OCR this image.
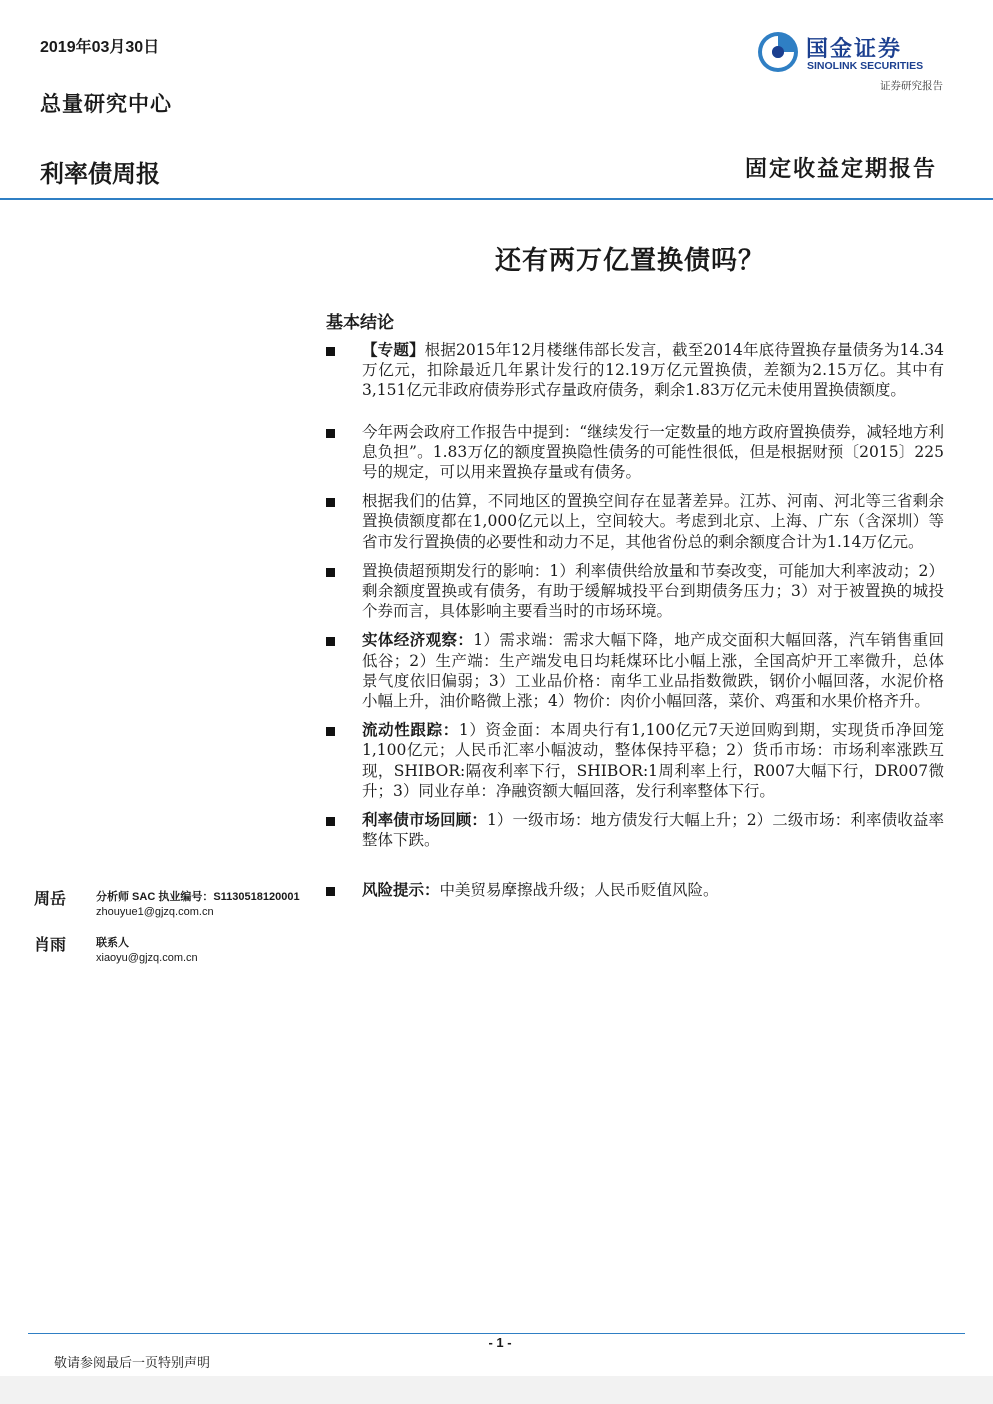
2019年03月30日
总量研究中心
利率债周报	固定收益定期报告
国金证券
SINOLINK SECURITIES
证券研究报告
还有两万亿置换债吗？
基本结论
【专题】根据2015年12月楼继伟部长发言，截至2014年底待置换存量债务为14.34万亿元，扣除最近几年累计发行的12.19万亿元置换债，差额为2.15万亿。其中有3,151亿元非政府债券形式存量政府债务，剩余1.83万亿元未使用置换债额度。
今年两会政府工作报告中提到：“继续发行一定数量的地方政府置换债券，减轻地方利息负担”。1.83万亿的额度置换隐性债务的可能性很低，但是根据财预〔2015〕225号的规定，可以用来置换存量或有债务。
根据我们的估算，不同地区的置换空间存在显著差异。江苏、河南、河北等三省剩余置换债额度都在1,000亿元以上，空间较大。考虑到北京、上海、广东（含深圳）等省市发行置换债的必要性和动力不足，其他省份总的剩余额度合计为1.14万亿元。
置换债超预期发行的影响：1）利率债供给放量和节奏改变，可能加大利率波动；2）剩余额度置换或有债务，有助于缓解城投平台到期债务压力；3）对于被置换的城投个券而言，具体影响主要看当时的市场环境。
实体经济观察：1）需求端：需求大幅下降，地产成交面积大幅回落，汽车销售重回低谷；2）生产端：生产端发电日均耗煤环比小幅上涨，全国高炉开工率微升，总体景气度依旧偏弱；3）工业品价格：南华工业品指数微跌，钢价小幅回落，水泥价格小幅上升，油价略微上涨；4）物价：肉价小幅回落，菜价、鸡蛋和水果价格齐升。
流动性跟踪：1）资金面：本周央行有1,100亿元7天逆回购到期，实现货币净回笼1,100亿元；人民币汇率小幅波动，整体保持平稳；2）货币市场：市场利率涨跌互现，SHIBOR:隔夜利率下行，SHIBOR:1周利率上行，R007大幅下行，DR007微升；3）同业存单：净融资额大幅回落，发行利率整体下行。
利率债市场回顾：1）一级市场：地方债发行大幅上升；2）二级市场：利率债收益率整体下跌。
风险提示：中美贸易摩擦战升级；人民币贬值风险。
周岳	分析师 SAC 执业编号：S1130518120001
zhouyue1@gjzq.com.cn
肖雨	联系人
xiaoyu@gjzq.com.cn
- 1 -
敬请参阅最后一页特别声明
